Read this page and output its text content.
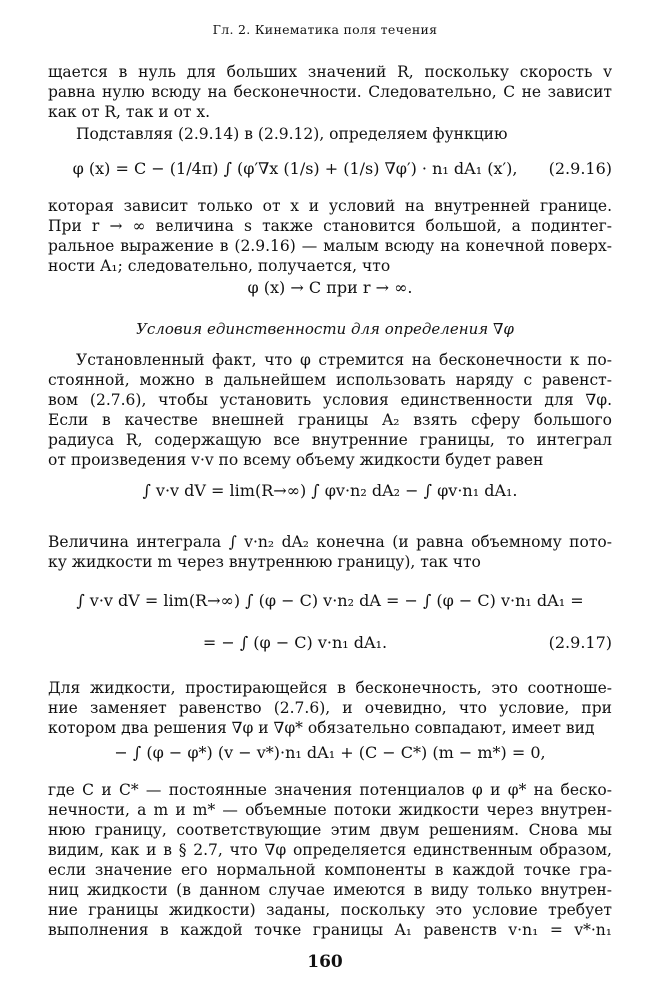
Гл. 2. Кинематика поля течения

щается в нуль для больших значений R, поскольку скорость v

равна нулю всюду на бесконечности. Следовательно, C не зависит

как от R, так и от x.

Подставляя (2.9.14) в (2.9.12), определяем функцию

φ (x) = C − (1/4π) ∫ (φ′∇x (1/s) + (1/s) ∇φ′) · n₁ dA₁ (x′),	(2.9.16)

которая зависит только от x и условий на внутренней границе.

При r → ∞ величина s также становится большой, а подинтег-

ральное выражение в (2.9.16) — малым всюду на конечной поверх-

ности A₁; следовательно, получается, что

φ (x) → C при r → ∞.
Условия единственности для определения ∇φ

Установленный факт, что φ стремится на бесконечности к по-

стоянной, можно в дальнейшем использовать наряду с равенст-

вом (2.7.6), чтобы установить условия единственности для ∇φ.

Если в качестве внешней границы A₂ взять сферу большого

радиуса R, содержащую все внутренние границы, то интеграл

от произведения v·v по всему объему жидкости будет равен

∫ v·v dV = lim(R→∞) ∫ φv·n₂ dA₂ − ∫ φv·n₁ dA₁.

Величина интеграла ∫ v·n₂ dA₂ конечна (и равна объемному пото-

ку жидкости m через внутреннюю границу), так что

∫ v·v dV = lim(R→∞) ∫ (φ − C) v·n₂ dA = − ∫ (φ − C) v·n₁ dA₁ =
= − ∫ (φ − C) v·n₁ dA₁.	(2.9.17)

Для жидкости, простирающейся в бесконечность, это соотноше-

ние заменяет равенство (2.7.6), и очевидно, что условие, при

котором два решения ∇φ и ∇φ* обязательно совпадают, имеет вид

− ∫ (φ − φ*) (v − v*)·n₁ dA₁ + (C − C*) (m − m*) = 0,

где C и C* — постоянные значения потенциалов φ и φ* на беско-

нечности, а m и m* — объемные потоки жидкости через внутрен-

нюю границу, соответствующие этим двум решениям. Снова мы

видим, как и в § 2.7, что ∇φ определяется единственным образом,

если значение его нормальной компоненты в каждой точке гра-

ниц жидкости (в данном случае имеются в виду только внутрен-

ние границы жидкости) заданы, поскольку это условие требует

выполнения в каждой точке границы A₁ равенств v·n₁ = v*·n₁

160
